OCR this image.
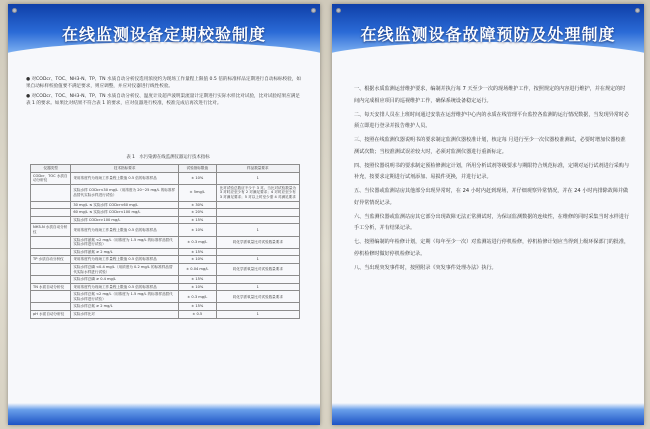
在线监测设备定期校验制度

● 对CODcr、TOC、NH3-N、TP、TN 水质自动分析仪选用浓度约为现场工作量程上限值 0.5 倍的标准样品定期进行自动标标校验，如果自动标样校验值要不满足要求，则应调整，并应对仪器进行线性校验。

● 对CODcr、TOC、NH3-N、TP、TN 水质自动分析仪、温度计及超声波明渠流量计定期进行实际水样比对试验，比对试验结果应满足表 1 的要求。如果比对结果不符合表 1 的要求，应对仪器进行校准，校准完成后再次进行比对。

表 1　水污染源在线监测仪器运行技术指标
仪器类型	技术指标要求	试验指标限值	样品数量要求
CODcr、TOC 水质自动分析仪	采用浓度约为现场工作量程上限值 0.5 倍的标准样品	± 10%	1
	实际水样 CODcr<30 mg/L（用浓度为 20~25 mg/L 的标准样品替代实际水样进行试验）	± 5mg/L	比对试验总数应不少于 3 对。当比对试验数量为 3 对时应至少有 2 对满足要求；4 对时应至少有 3 对满足要求；5 对以上时至少需 4 对满足要求
	30 mg/L ≤ 实际水样 CODcr<60 mg/L	± 30%	
	60 mg/L ≤ 实际水样 CODcr<100 mg/L	± 20%	
	实际水样 CODcr>100 mg/L	± 15%	
NH3-N 水质自动分析仪	采用浓度约为现场工作量程上限值 0.5 倍的标准样品	± 10%	1
	实际水样氨氮 <2 mg/L（用浓度为 1.5 mg/L 的标准样品替代实际水样进行试验）	± 0.3 mg/L	同化学需氧量比对试验数量要求
	实际水样氨氮 ≥ 2 mg/L	± 15%	
TP 水质自动分析仪	采用浓度约为现场工作量程上限值 0.5 倍的标准样品	± 10%	1
	实际水样总磷 <0.4 mg/L（用浓度为 0.2 mg/L 的标准样品替代实际水样进行试验）	± 0.04 mg/L	同化学需氧量比对试验数量要求
	实际水样总磷 ≥ 0.4 mg/L	± 15%	
TN 水质自动分析仪	采用浓度约为现场工作量程上限值 0.5 倍的标准样品	± 10%	1
	实际水样总氮 <2 mg/L（用浓度为 1.5 mg/L 的标准样品替代实际水样进行试验）	± 0.3 mg/L	同化学需氧量比对试验数量要求
	实际水样总氮 ≥ 2 mg/L	± 15%	
pH 水质自动分析仪	实际水样比对	± 0.5	1
在线监测设备故障预防及处理制度

一、根据水质监测运营维护要求，编制并执行每 7 天至少一次的现场维护工作，按照规定的内容进行维护，并在规定的时间内完成相应项目的巡视维护工作，确保系统设备稳定运行。

二、每天安排人员在上班时间通过安装在运营维护中心内的水质在线管理平台监控各监测的运行情况数据，当发现异常时必须立即进行登录并报告维护人员。

三、按照在线监测仪器说明书的要求制定监测仪器校准计划，核定每 月进行至少一次仪器校准测试，必要时增加仪器校准测试次数；当校准测试误差较大时，必须对监测仪器进行重新标定。

四、按照仪器说明书的要求制定预检修测定计划，所用分析试剂等级要求与期限符合规范标准，定期对运行试剂进行采购与补充，按要求定期进行试剂添加、易损件更换，并进行记录。

五、当仪器或监测站房其他部分出现异常时，在 24 小时内赶到现场，并仔细观察异常情况，并在 24 小时内排除故障并做好异常情况记录。

六、当监测仪器或监测站房其它部分出现故障无法正常测试时，为保证监测数据的连续性，在维修的同时采集当时水样进行手工分析，并有结果记录。

七、按照编制的年检修计划，定期（每年至少一次）对监测站进行停机检修，停机检修计划应当得到上级环保部门的批准，停机检修时做好停机检修记录。

八、当出现突发事件时，按照附录《突发事件处理办法》执行。
